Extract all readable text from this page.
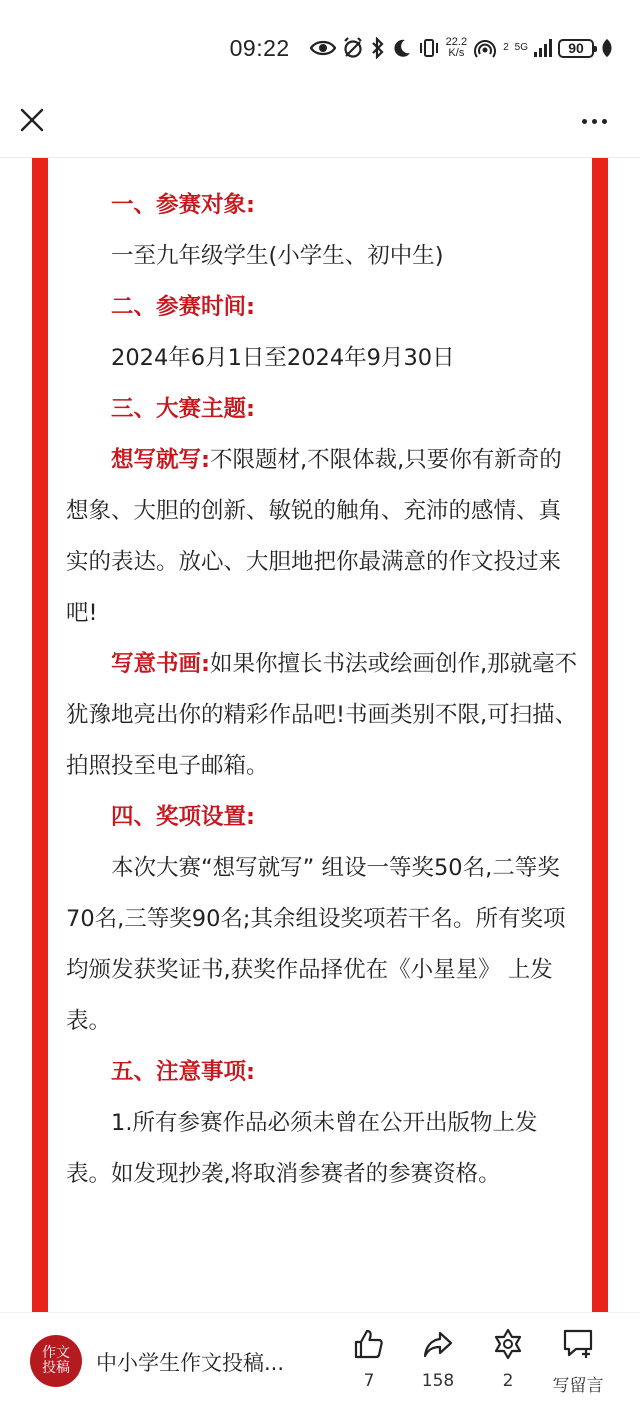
09:22	22.2
K/s	2 5G	90

一、参赛对象:

一至九年级学生(小学生、初中生)

二、参赛时间:

2024年6月1日至2024年9月30日

三、大赛主题:

想写就写:不限题材,不限体裁,只要你有新奇的想象、大胆的创新、敏锐的触角、充沛的感情、真实的表达。放心、大胆地把你最满意的作文投过来吧!

写意书画:如果你擅长书法或绘画创作,那就毫不犹豫地亮出你的精彩作品吧!书画类别不限,可扫描、拍照投至电子邮箱。

四、奖项设置:

本次大赛“想写就写” 组设一等奖50名,二等奖70名,三等奖90名;其余组设奖项若干名。所有奖项均颁发获奖证书,获奖作品择优在《小星星》 上发表。

五、注意事项:

1.所有参赛作品必须未曾在公开出版物上发表。如发现抄袭,将取消参赛者的参赛资格。

作文
投稿 中小学生作文投稿...
7	158	2 写留言
